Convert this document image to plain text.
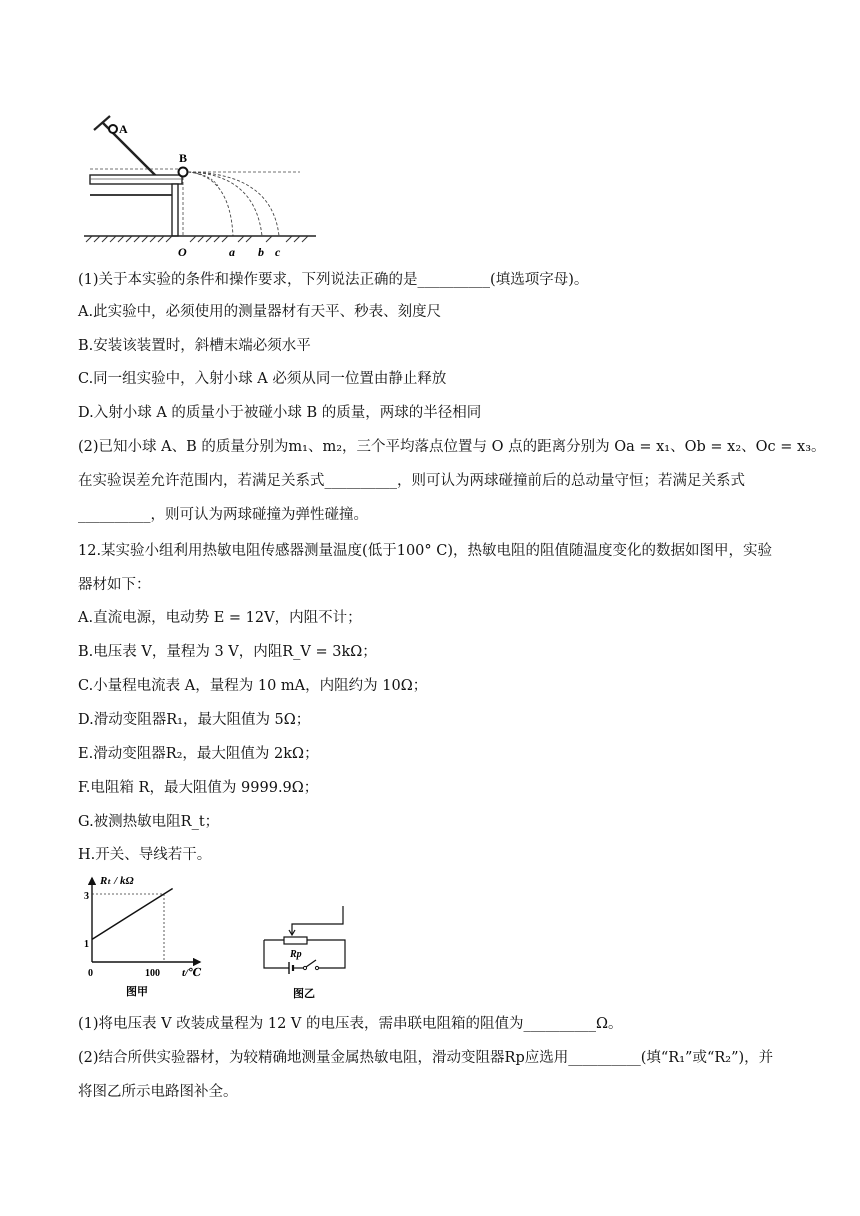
A
B
O	a b c
(1)关于本实验的条件和操作要求，下列说法正确的是__________(填选项字母)。
A.此实验中，必须使用的测量器材有天平、秒表、刻度尺
B.安装该装置时，斜槽末端必须水平
C.同一组实验中，入射小球 A 必须从同一位置由静止释放
D.入射小球 A 的质量小于被碰小球 B 的质量，两球的半径相同
(2)已知小球 A、B 的质量分别为m₁、m₂，三个平均落点位置与 O 点的距离分别为 Oa = x₁、Ob = x₂、Oc = x₃。
在实验误差允许范围内，若满足关系式__________，则可认为两球碰撞前后的总动量守恒；若满足关系式
__________，则可认为两球碰撞为弹性碰撞。
12.某实验小组利用热敏电阻传感器测量温度(低于100° C)，热敏电阻的阻值随温度变化的数据如图甲，实验
器材如下：
A.直流电源，电动势 E = 12V，内阻不计；
B.电压表 V，量程为 3 V，内阻R_V = 3kΩ；
C.小量程电流表 A，量程为 10 mA，内阻约为 10Ω；
D.滑动变阻器R₁，最大阻值为 5Ω；
E.滑动变阻器R₂，最大阻值为 2kΩ；
F.电阻箱 R，最大阻值为 9999.9Ω；
G.被测热敏电阻R_t；
H.开关、导线若干。
Rₜ / kΩ
3
1
0	100 t/℃
图甲
Rp
图乙
(1)将电压表 V 改装成量程为 12 V 的电压表，需串联电阻箱的阻值为__________Ω。
(2)结合所供实验器材，为较精确地测量金属热敏电阻，滑动变阻器Rp应选用__________(填“R₁”或“R₂”)，并
将图乙所示电路图补全。
